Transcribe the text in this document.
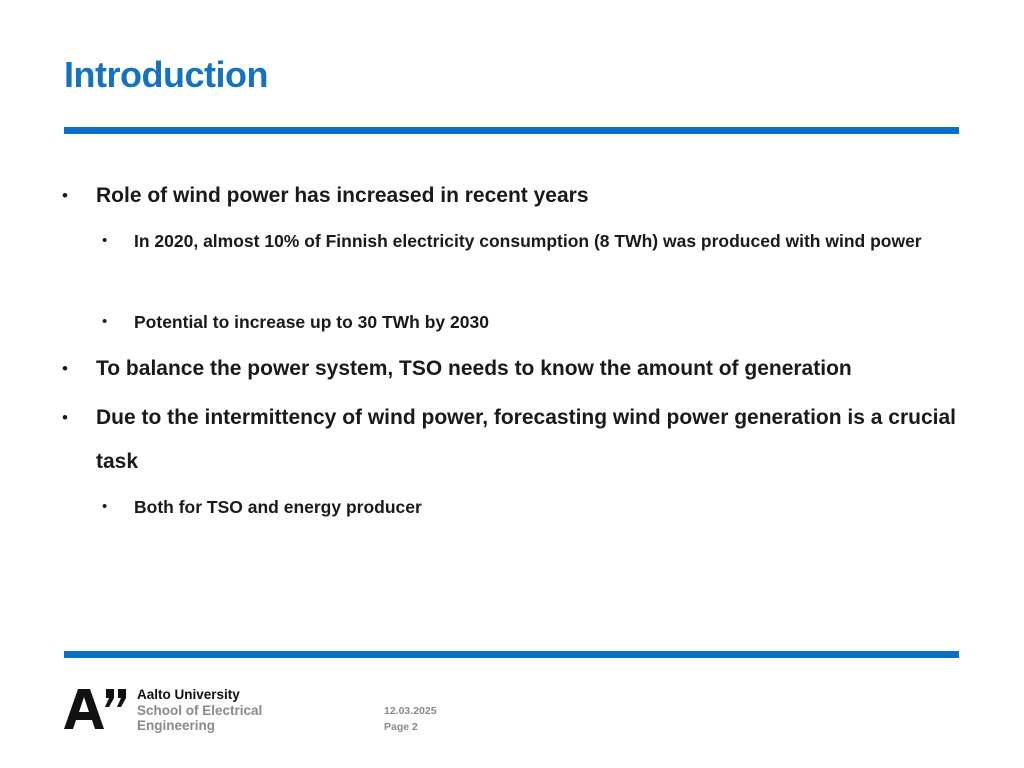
Introduction
• Role of wind power has increased in recent years
• In 2020, almost 10% of Finnish electricity consumption (8 TWh) was produced with wind power
• Potential to increase up to 30 TWh by 2030
• To balance the power system, TSO needs to know the amount of generation
• Due to the intermittency of wind power, forecasting wind power generation is a crucial task
• Both for TSO and energy producer
Aalto University
School of Electrical
Engineering
12.03.2025
Page 2
